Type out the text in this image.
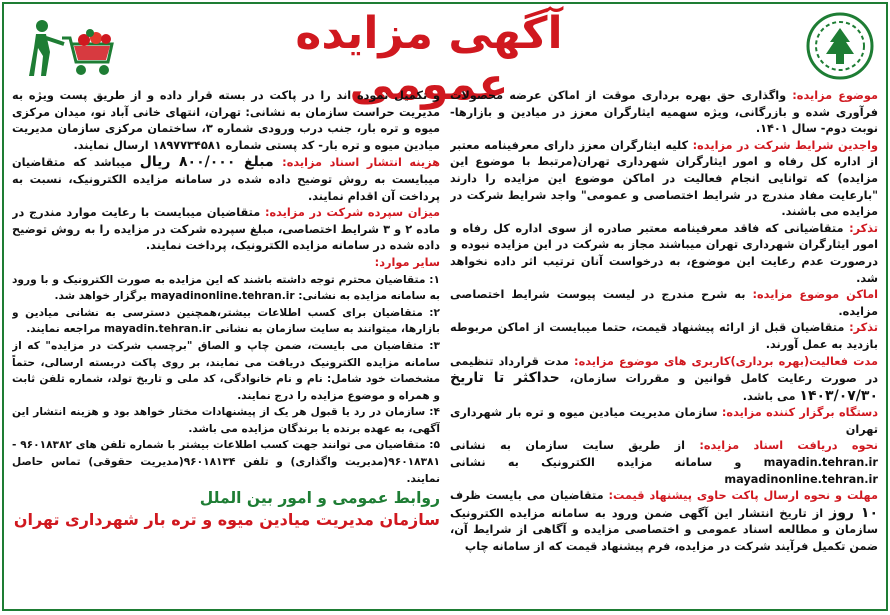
آگهی مزایده عمومی	موضوع مزایده: واگذاری حق بهره برداری موقت از اماکن عرضه محصولات فرآوری شده و بازرگانی، ویژه سهمیه ایثارگران معزز در میادین و بازارها- نوبت دوم- سال ۱۴۰۱.

واجدین شرایط شرکت در مزایده: کلیه ایثارگران معزز دارای معرفینامه معتبر از اداره کل رفاه و امور ایثارگران شهرداری تهران(مرتبط با موضوع این مزایده) که توانایی انجام فعالیت در اماکن موضوع این مزایده را دارند "بارعایت مفاد مندرج در شرایط اختصاصی و عمومی" واجد شرایط شرکت در مزایده می باشند.

تذکر: متقاضیانی که فاقد معرفینامه معتبر صادره از سوی اداره کل رفاه و امور ایثارگران شهرداری تهران میباشند مجاز به شرکت در این مزایده نبوده و درصورت عدم رعایت این موضوع، به درخواست آنان ترتیب اثر داده نخواهد شد.

اماکن موضوع مزایده: به شرح مندرج در لیست پیوست شرایط اختصاصی مزایده.

تذکر: متقاضیان قبل از ارائه پیشنهاد قیمت، حتما میبایست از اماکن مربوطه بازدید به عمل آورند.

مدت فعالیت(بهره برداری)کاربری های موضوع مزایده: مدت قرارداد تنظیمی در صورت رعایت کامل قوانین و مقررات سازمان، حداکثر تا تاریخ ۱۴۰۳/۰۷/۳۰ می باشد.

دستگاه برگزار کننده مزایده: سازمان مدیریت میادین میوه و تره بار شهرداری تهران

نحوه دریافت اسناد مزایده: از طریق سایت سازمان به نشانی mayadin.tehran.ir و سامانه مزایده الکترونیک به نشانی mayadinonline.tehran.ir

مهلت و نحوه ارسال پاکت حاوی پیشنهاد قیمت: متقاضیان می بایست ظرف ۱۰ روز از تاریخ انتشار این آگهی ضمن ورود به سامانه مزایده الکترونیک سازمان و مطالعه اسناد عمومی و اختصاصی مزایده و آگاهی از شرایط آن، ضمن تکمیل فرآیند شرکت در مزایده، فرم پیشنهاد قیمت که از سامانه چاپ

و تکمیل نموده اند را در پاکت در بسته قرار داده و از طریق پست ویژه به مدیریت حراست سازمان به نشانی: تهران، انتهای خانی آباد نو، میدان مرکزی میوه و تره بار، جنب درب ورودی شماره ۳، ساختمان مرکزی سازمان مدیریت میادین میوه و تره بار- کد پستی شماره ۱۸۹۷۷۳۴۵۸۱ ارسال نمایند.

هزینه انتشار اسناد مزایده: مبلغ ۸۰۰/۰۰۰ ریال میباشد که متقاضیان میبایست به روش توضیح داده شده در سامانه مزایده الکترونیک، نسبت به پرداخت آن اقدام نمایند.

میزان سپرده شرکت در مزایده: متقاضیان میبایست با رعایت موارد مندرج در ماده ۲ و ۳ شرایط اختصاصی، مبلغ سپرده شرکت در مزایده را به روش توضیح داده شده در سامانه مزایده الکترونیک، پرداخت نمایند.

سایر موارد:

۱: متقاضیان محترم توجه داشته باشند که این مزایده به صورت الکترونیک و با ورود به سامانه مزایده به نشانی: mayadinonline.tehran.ir برگزار خواهد شد.

۲: متقاضیان برای کسب اطلاعات بیشتر،همچنین دسترسی به نشانی میادین و بازارها، میتوانند به سایت سازمان به نشانی mayadin.tehran.ir مراجعه نمایند.

۳: متقاضیان می بایست، ضمن چاپ و الصاق "برچسب شرکت در مزایده" که از سامانه مزایده الکترونیک دریافت می نمایند، بر روی پاکت دربسته ارسالی، حتماً مشخصات خود شامل: نام و نام خانوادگی، کد ملی و تاریخ تولد، شماره تلفن ثابت و همراه و موضوع مزایده را درج نمایند.

۴: سازمان در رد یا قبول هر یک از پیشنهادات مختار خواهد بود و هزینه انتشار این آگهی، به عهده برنده یا برندگان مزایده می باشد.

۵: متقاضیان می توانند جهت کسب اطلاعات بیشتر با شماره تلفن های ۹۶۰۱۸۳۸۲ - ۹۶۰۱۸۳۸۱(مدیریت واگذاری) و تلفن ۹۶۰۱۸۱۳۴(مدیریت حقوقی) تماس حاصل نمایند.

روابط عمومی و امور بین الملل

سازمان مدیریت میادین میوه و تره بار شهرداری تهران
